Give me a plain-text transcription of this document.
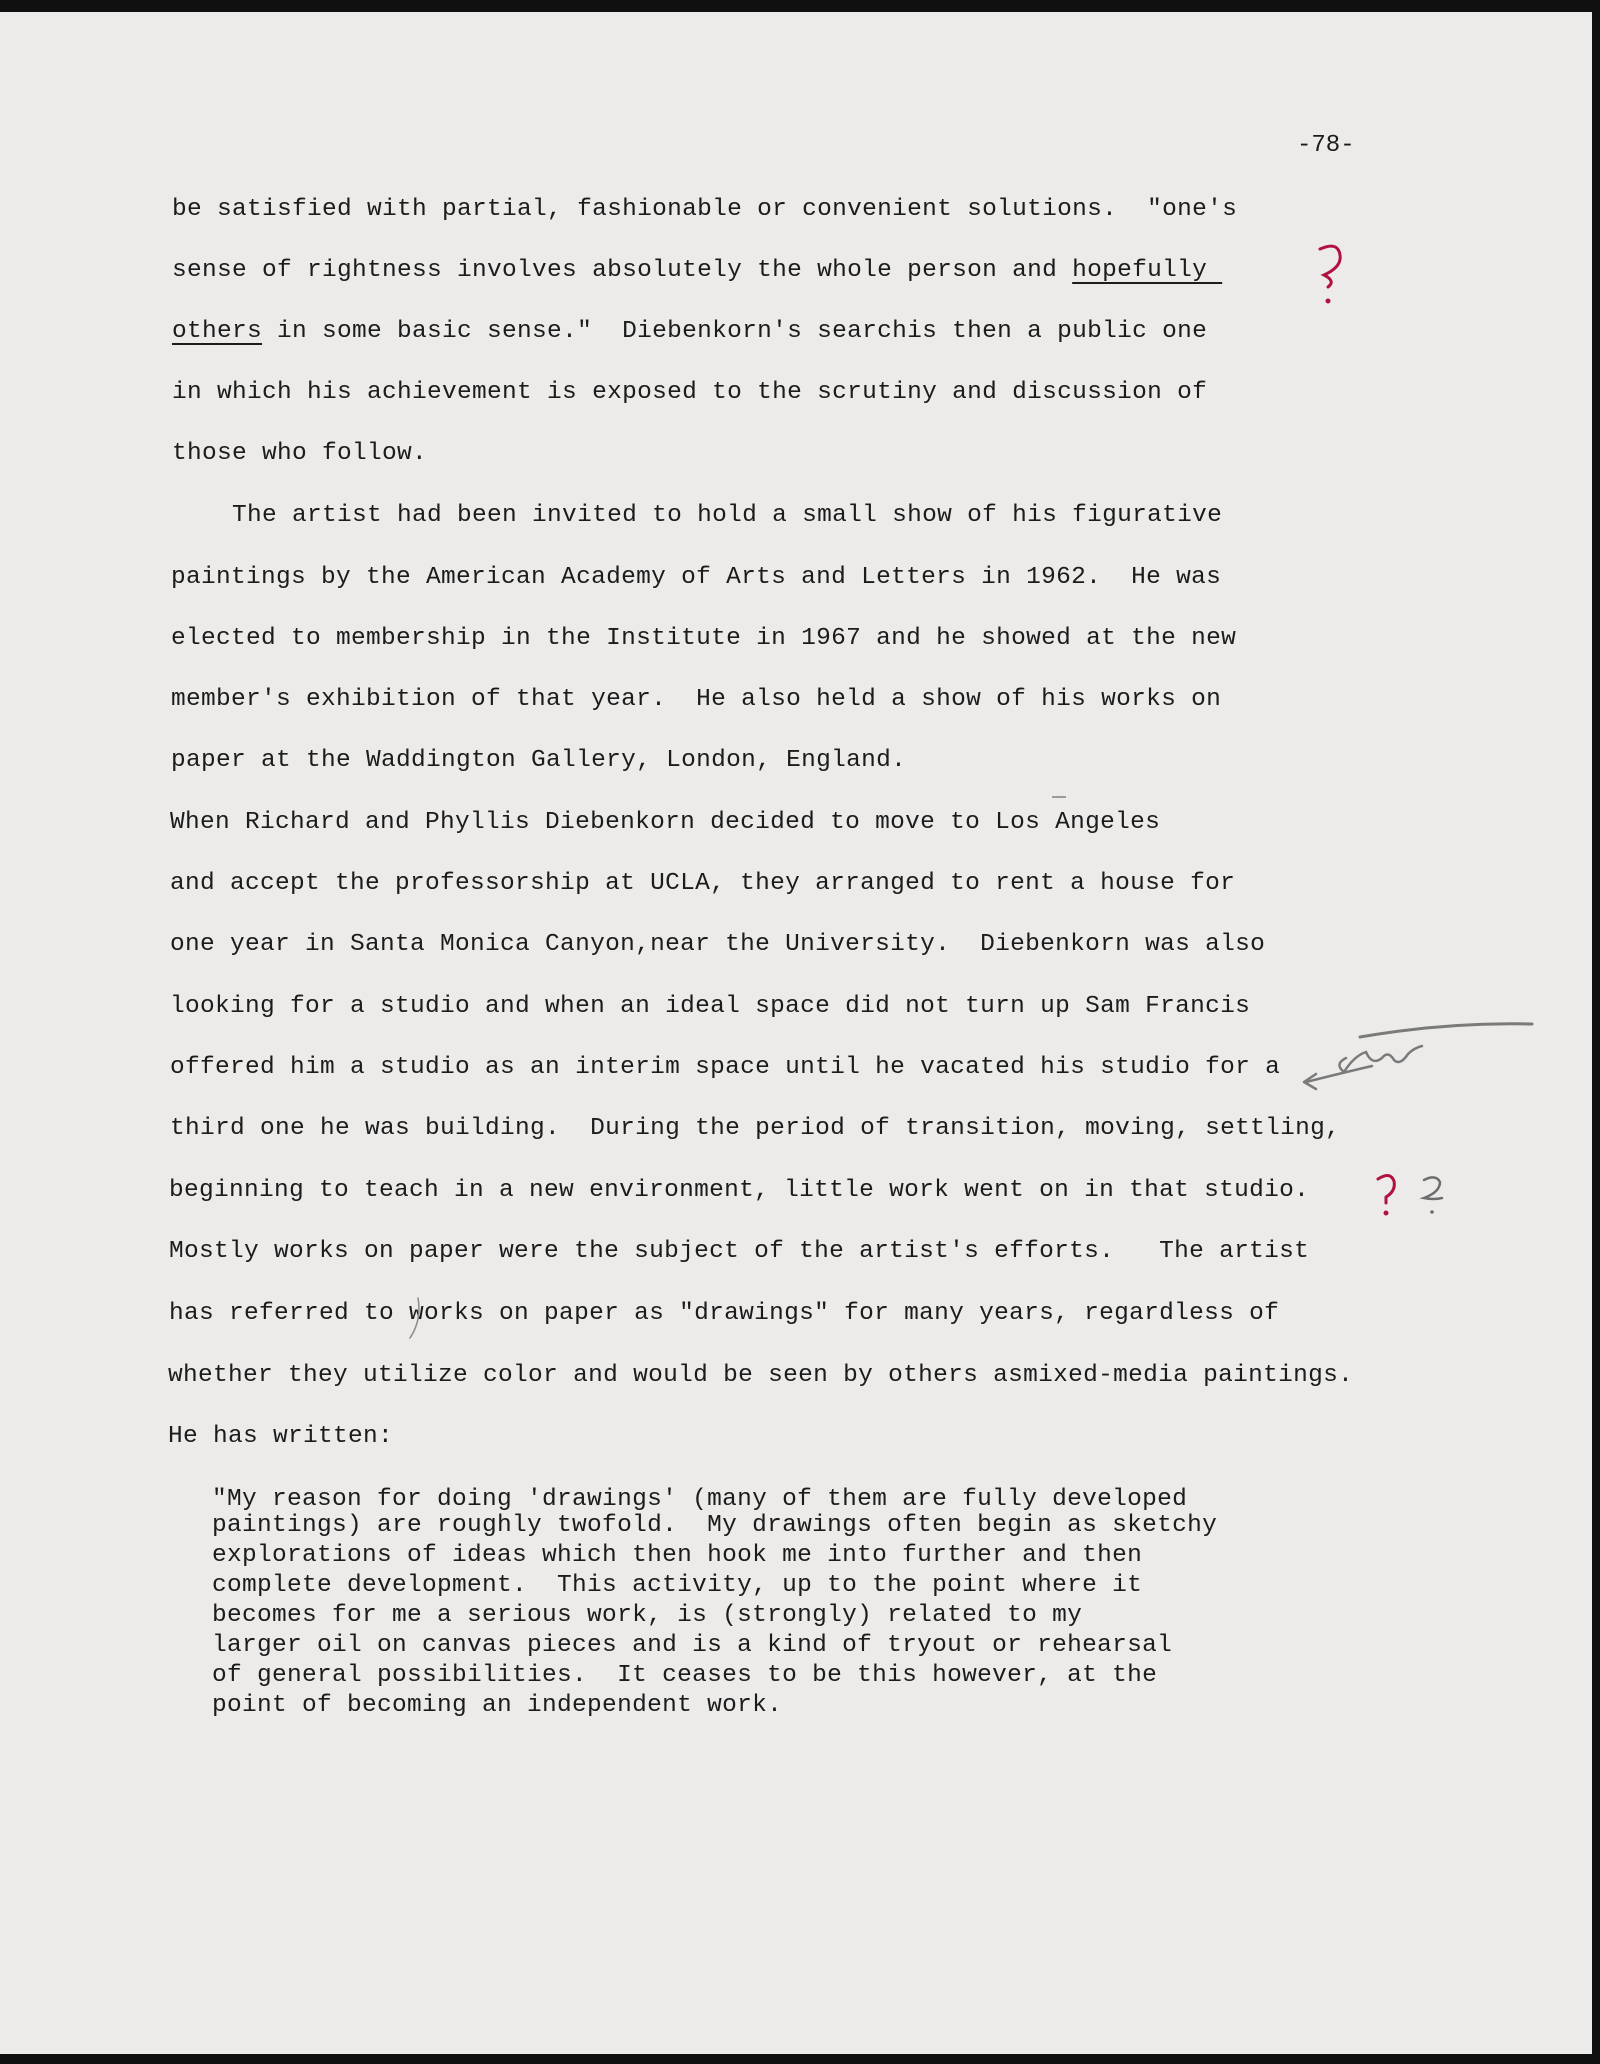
-78-
be satisfied with partial, fashionable or convenient solutions.  "one's
sense of rightness involves absolutely the whole person and hopefully
others in some basic sense."  Diebenkorn's searchis then a public one
in which his achievement is exposed to the scrutiny and discussion of
those who follow.
The artist had been invited to hold a small show of his figurative
paintings by the American Academy of Arts and Letters in 1962.  He was
elected to membership in the Institute in 1967 and he showed at the new
member's exhibition of that year.  He also held a show of his works on
paper at the Waddington Gallery, London, England.
When Richard and Phyllis Diebenkorn decided to move to Los Angeles
and accept the professorship at UCLA, they arranged to rent a house for
one year in Santa Monica Canyon,near the University.  Diebenkorn was also
looking for a studio and when an ideal space did not turn up Sam Francis
offered him a studio as an interim space until he vacated his studio for a
third one he was building.  During the period of transition, moving, settling,
beginning to teach in a new environment, little work went on in that studio.
Mostly works on paper were the subject of the artist's efforts.   The artist
has referred to works on paper as "drawings" for many years, regardless of
whether they utilize color and would be seen by others asmixed-media paintings.
He has written:
"My reason for doing 'drawings' (many of them are fully developed
paintings) are roughly twofold.  My drawings often begin as sketchy
explorations of ideas which then hook me into further and then
complete development.  This activity, up to the point where it
becomes for me a serious work, is (strongly) related to my
larger oil on canvas pieces and is a kind of tryout or rehearsal
of general possibilities.  It ceases to be this however, at the
point of becoming an independent work.
